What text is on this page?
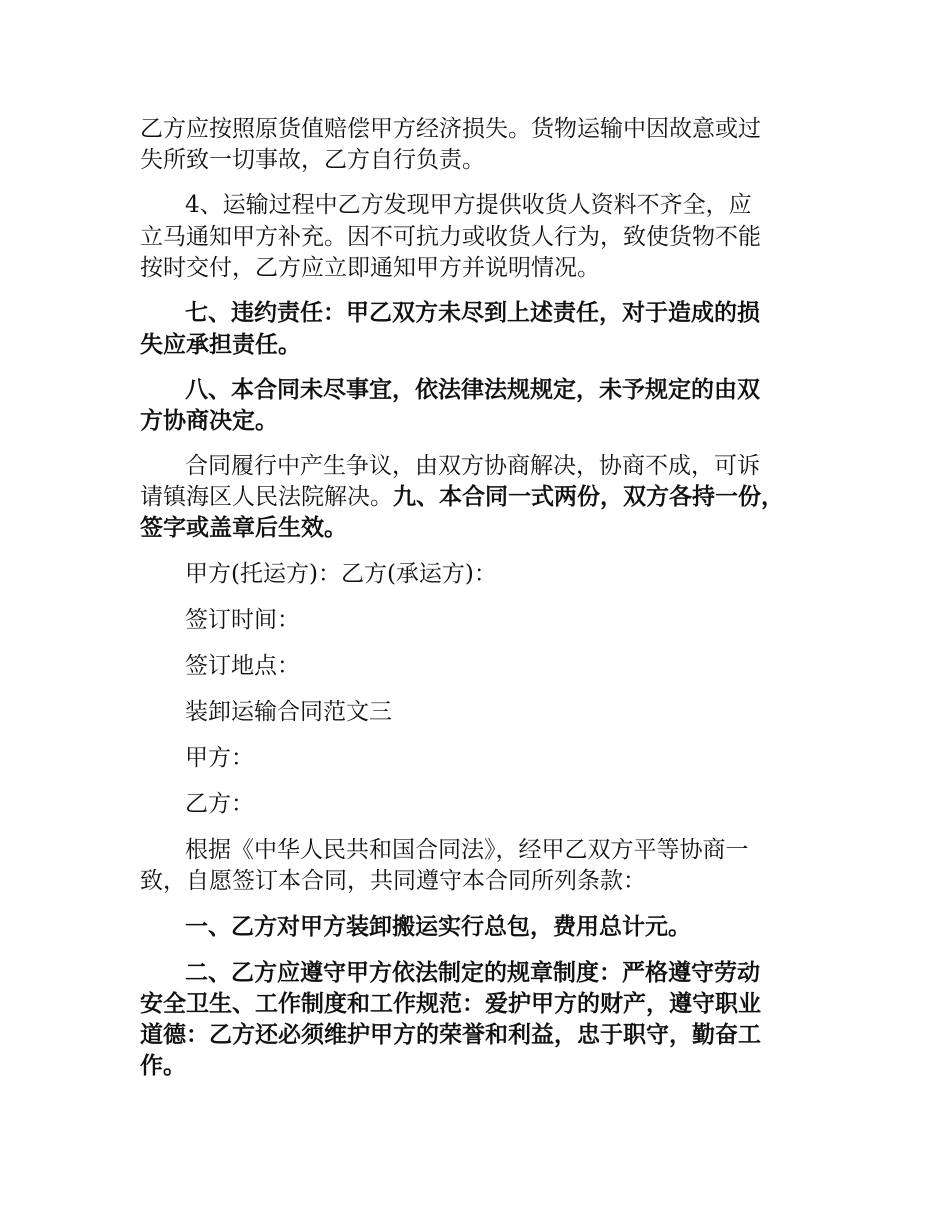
乙方应按照原货值赔偿甲方经济损失。货物运输中因故意或过
失所致一切事故，乙方自行负责。
4、运输过程中乙方发现甲方提供收货人资料不齐全，应
立马通知甲方补充。因不可抗力或收货人行为，致使货物不能
按时交付，乙方应立即通知甲方并说明情况。
七、违约责任：甲乙双方未尽到上述责任，对于造成的损
失应承担责任。
八、本合同未尽事宜，依法律法规规定，未予规定的由双
方协商决定。
合同履行中产生争议，由双方协商解决，协商不成，可诉
请镇海区人民法院解决。九、本合同一式两份，双方各持一份，
签字或盖章后生效。
甲方(托运方)：乙方(承运方)：
签订时间：
签订地点：
装卸运输合同范文三
甲方：
乙方：
根据《中华人民共和国合同法》，经甲乙双方平等协商一
致，自愿签订本合同，共同遵守本合同所列条款：
一、乙方对甲方装卸搬运实行总包，费用总计元。
二、乙方应遵守甲方依法制定的规章制度：严格遵守劳动
安全卫生、工作制度和工作规范：爱护甲方的财产，遵守职业
道德：乙方还必须维护甲方的荣誉和利益，忠于职守，勤奋工
作。
